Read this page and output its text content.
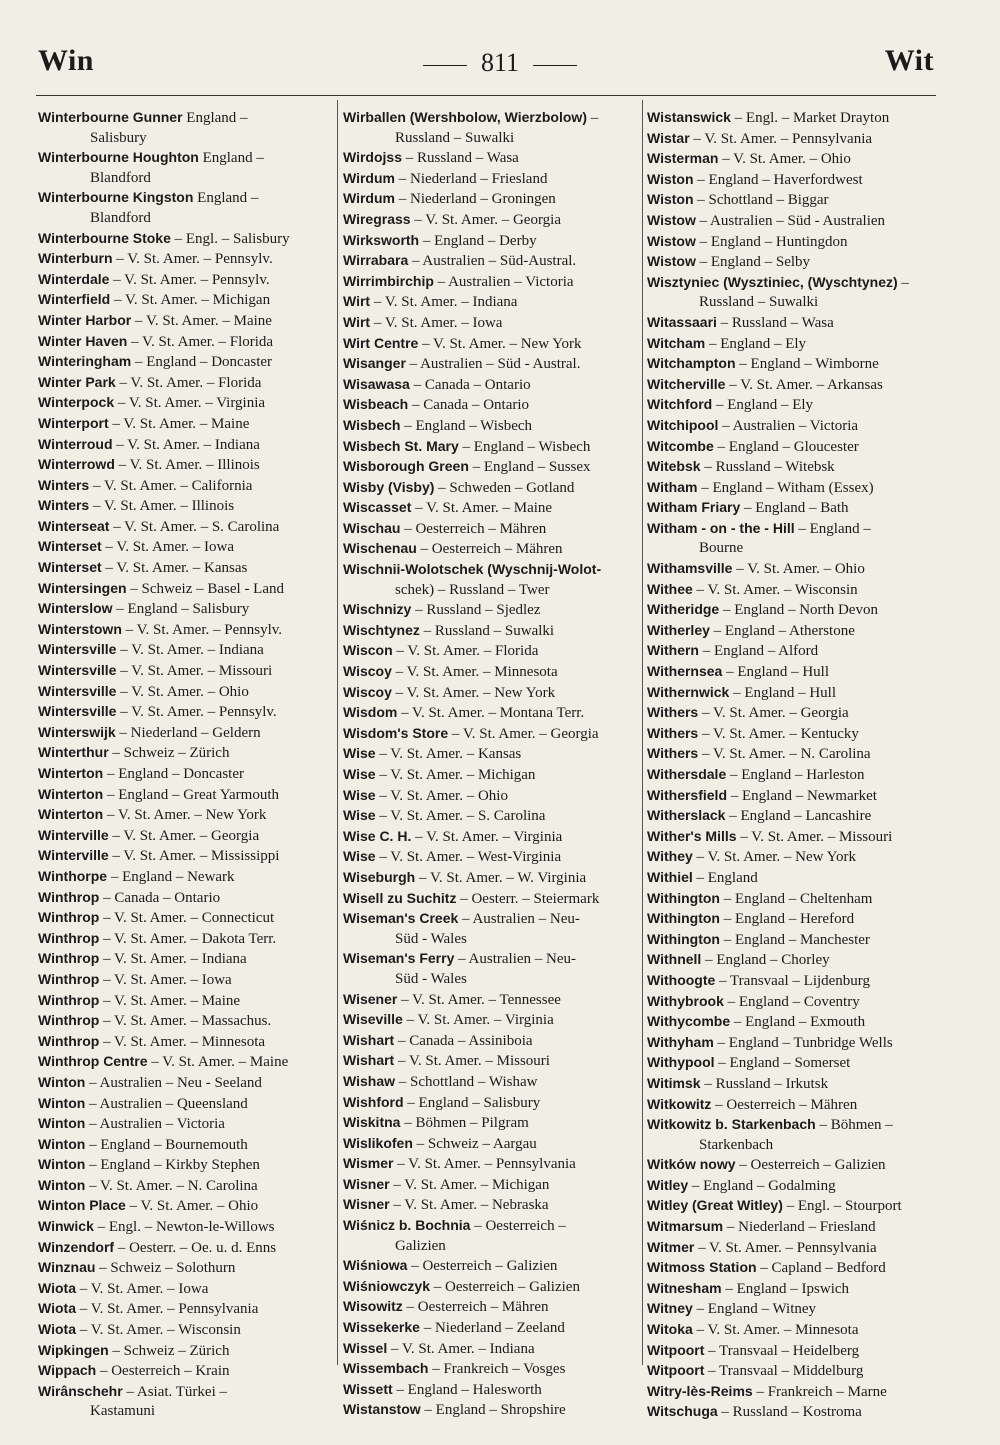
Win	811	Wit
Winterbourne Gunner England –
Salisbury
Winterbourne Houghton England –
Blandford
Winterbourne Kingston England –
Blandford
Winterbourne Stoke – Engl. – Salisbury
Winterburn – V. St. Amer. – Pennsylv.
Winterdale – V. St. Amer. – Pennsylv.
Winterfield – V. St. Amer. – Michigan
Winter Harbor – V. St. Amer. – Maine
Winter Haven – V. St. Amer. – Florida
Winteringham – England – Doncaster
Winter Park – V. St. Amer. – Florida
Winterpock – V. St. Amer. – Virginia
Winterport – V. St. Amer. – Maine
Winterroud – V. St. Amer. – Indiana
Winterrowd – V. St. Amer. – Illinois
Winters – V. St. Amer. – California
Winters – V. St. Amer. – Illinois
Winterseat – V. St. Amer. – S. Carolina
Winterset – V. St. Amer. – Iowa
Winterset – V. St. Amer. – Kansas
Wintersingen – Schweiz – Basel - Land
Winterslow – England – Salisbury
Winterstown – V. St. Amer. – Pennsylv.
Wintersville – V. St. Amer. – Indiana
Wintersville – V. St. Amer. – Missouri
Wintersville – V. St. Amer. – Ohio
Wintersville – V. St. Amer. – Pennsylv.
Winterswijk – Niederland – Geldern
Winterthur – Schweiz – Zürich
Winterton – England – Doncaster
Winterton – England – Great Yarmouth
Winterton – V. St. Amer. – New York
Winterville – V. St. Amer. – Georgia
Winterville – V. St. Amer. – Mississippi
Winthorpe – England – Newark
Winthrop – Canada – Ontario
Winthrop – V. St. Amer. – Connecticut
Winthrop – V. St. Amer. – Dakota Terr.
Winthrop – V. St. Amer. – Indiana
Winthrop – V. St. Amer. – Iowa
Winthrop – V. St. Amer. – Maine
Winthrop – V. St. Amer. – Massachus.
Winthrop – V. St. Amer. – Minnesota
Winthrop Centre – V. St. Amer. – Maine
Winton – Australien – Neu - Seeland
Winton – Australien – Queensland
Winton – Australien – Victoria
Winton – England – Bournemouth
Winton – England – Kirkby Stephen
Winton – V. St. Amer. – N. Carolina
Winton Place – V. St. Amer. – Ohio
Winwick – Engl. – Newton-le-Willows
Winzendorf – Oesterr. – Oe. u. d. Enns
Winznau – Schweiz – Solothurn
Wiota – V. St. Amer. – Iowa
Wiota – V. St. Amer. – Pennsylvania
Wiota – V. St. Amer. – Wisconsin
Wipkingen – Schweiz – Zürich
Wippach – Oesterreich – Krain
Wirânschehr – Asiat. Türkei –
Kastamuni
Wirballen (Wershbolow, Wierzbolow) –
Russland – Suwalki
Wirdojss – Russland – Wasa
Wirdum – Niederland – Friesland
Wirdum – Niederland – Groningen
Wiregrass – V. St. Amer. – Georgia
Wirksworth – England – Derby
Wirrabara – Australien – Süd-Austral.
Wirrimbirchip – Australien – Victoria
Wirt – V. St. Amer. – Indiana
Wirt – V. St. Amer. – Iowa
Wirt Centre – V. St. Amer. – New York
Wisanger – Australien – Süd - Austral.
Wisawasa – Canada – Ontario
Wisbeach – Canada – Ontario
Wisbech – England – Wisbech
Wisbech St. Mary – England – Wisbech
Wisborough Green – England – Sussex
Wisby (Visby) – Schweden – Gotland
Wiscasset – V. St. Amer. – Maine
Wischau – Oesterreich – Mähren
Wischenau – Oesterreich – Mähren
Wischnii-Wolotschek (Wyschnij-Wolot-
schek) – Russland – Twer
Wischnizy – Russland – Sjedlez
Wischtynez – Russland – Suwalki
Wiscon – V. St. Amer. – Florida
Wiscoy – V. St. Amer. – Minnesota
Wiscoy – V. St. Amer. – New York
Wisdom – V. St. Amer. – Montana Terr.
Wisdom's Store – V. St. Amer. – Georgia
Wise – V. St. Amer. – Kansas
Wise – V. St. Amer. – Michigan
Wise – V. St. Amer. – Ohio
Wise – V. St. Amer. – S. Carolina
Wise C. H. – V. St. Amer. – Virginia
Wise – V. St. Amer. – West-Virginia
Wiseburgh – V. St. Amer. – W. Virginia
Wisell zu Suchitz – Oesterr. – Steiermark
Wiseman's Creek – Australien – Neu-
Süd - Wales
Wiseman's Ferry – Australien – Neu-
Süd - Wales
Wisener – V. St. Amer. – Tennessee
Wiseville – V. St. Amer. – Virginia
Wishart – Canada – Assiniboia
Wishart – V. St. Amer. – Missouri
Wishaw – Schottland – Wishaw
Wishford – England – Salisbury
Wiskitna – Böhmen – Pilgram
Wislikofen – Schweiz – Aargau
Wismer – V. St. Amer. – Pennsylvania
Wisner – V. St. Amer. – Michigan
Wisner – V. St. Amer. – Nebraska
Wiśnicz b. Bochnia – Oesterreich –
Galizien
Wiśniowa – Oesterreich – Galizien
Wiśniowczyk – Oesterreich – Galizien
Wisowitz – Oesterreich – Mähren
Wissekerke – Niederland – Zeeland
Wissel – V. St. Amer. – Indiana
Wissembach – Frankreich – Vosges
Wissett – England – Halesworth
Wistanstow – England – Shropshire
Wistanswick – Engl. – Market Drayton
Wistar – V. St. Amer. – Pennsylvania
Wisterman – V. St. Amer. – Ohio
Wiston – England – Haverfordwest
Wiston – Schottland – Biggar
Wistow – Australien – Süd - Australien
Wistow – England – Huntingdon
Wistow – England – Selby
Wisztyniec (Wysztiniec, (Wyschtynez) –
Russland – Suwalki
Witassaari – Russland – Wasa
Witcham – England – Ely
Witchampton – England – Wimborne
Witcherville – V. St. Amer. – Arkansas
Witchford – England – Ely
Witchipool – Australien – Victoria
Witcombe – England – Gloucester
Witebsk – Russland – Witebsk
Witham – England – Witham (Essex)
Witham Friary – England – Bath
Witham - on - the - Hill – England –
Bourne
Withamsville – V. St. Amer. – Ohio
Withee – V. St. Amer. – Wisconsin
Witheridge – England – North Devon
Witherley – England – Atherstone
Withern – England – Alford
Withernsea – England – Hull
Withernwick – England – Hull
Withers – V. St. Amer. – Georgia
Withers – V. St. Amer. – Kentucky
Withers – V. St. Amer. – N. Carolina
Withersdale – England – Harleston
Withersfield – England – Newmarket
Witherslack – England – Lancashire
Wither's Mills – V. St. Amer. – Missouri
Withey – V. St. Amer. – New York
Withiel – England
Withington – England – Cheltenham
Withington – England – Hereford
Withington – England – Manchester
Withnell – England – Chorley
Withoogte – Transvaal – Lijdenburg
Withybrook – England – Coventry
Withycombe – England – Exmouth
Withyham – England – Tunbridge Wells
Withypool – England – Somerset
Witimsk – Russland – Irkutsk
Witkowitz – Oesterreich – Mähren
Witkowitz b. Starkenbach – Böhmen –
Starkenbach
Witków nowy – Oesterreich – Galizien
Witley – England – Godalming
Witley (Great Witley) – Engl. – Stourport
Witmarsum – Niederland – Friesland
Witmer – V. St. Amer. – Pennsylvania
Witmoss Station – Capland – Bedford
Witnesham – England – Ipswich
Witney – England – Witney
Witoka – V. St. Amer. – Minnesota
Witpoort – Transvaal – Heidelberg
Witpoort – Transvaal – Middelburg
Witry-lès-Reims – Frankreich – Marne
Witschuga – Russland – Kostroma
